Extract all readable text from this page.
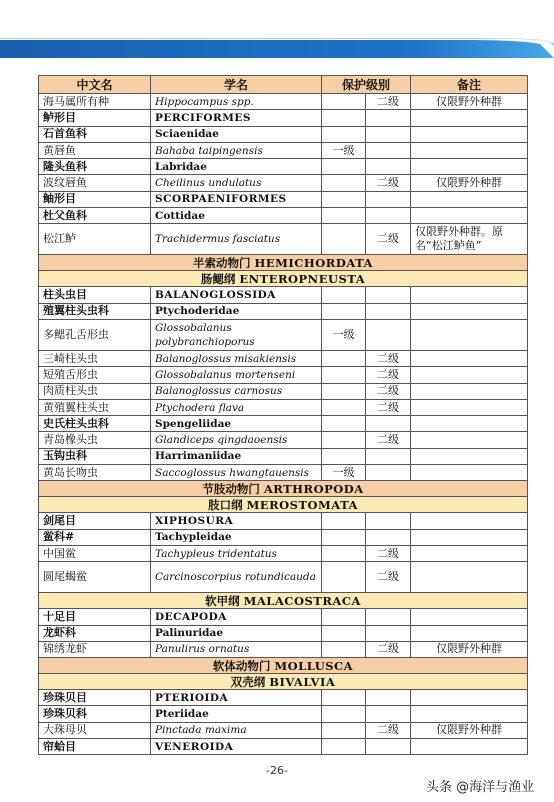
中文名	学名	保护级别		备注
海马属所有种	Hippocampus spp.		二级	仅限野外种群
鲈形目	PERCIFORMES			
石首鱼科	Sciaenidae			
黄唇鱼	Bahaba taipingensis	一级		
隆头鱼科	Labridae			
波纹唇鱼	Cheilinus undulatus		二级	仅限野外种群
鲉形目	SCORPAENIFORMES			
杜父鱼科	Cottidae			
松江鲈	Trachidermus fasciatus		二级	仅限野外种群。原名“松江鲈鱼”
半索动物门 HEMICHORDATA				
肠鳃纲 ENTEROPNEUSTA				
柱头虫目	BALANOGLOSSIDA			
殖翼柱头虫科	Ptychoderidae			
多鳃孔舌形虫	Glossobalanus polybranchioporus	一级		
三崎柱头虫	Balanoglossus misakiensis		二级	
短殖舌形虫	Glossobalanus mortenseni		二级	
肉质柱头虫	Balanoglossus carnosus		二级	
黄殖翼柱头虫	Ptychodera flava		二级	
史氏柱头虫科	Spengeliidae			
青岛橡头虫	Glandiceps qingdaoensis		二级	
玉钩虫科	Harrimaniidae			
黄岛长吻虫	Saccoglossus hwangtauensis	一级		
节肢动物门 ARTHROPODA				
肢口纲 MEROSTOMATA				
剑尾目	XIPHOSURA			
鲎科#	Tachypleidae			
中国鲎	Tachypleus tridentatus		二级	
圆尾蝎鲎	Carcinoscorpius rotundicauda		二级	
软甲纲 MALACOSTRACA				
十足目	DECAPODA			
龙虾科	Palinuridae			
锦绣龙虾	Panulirus ornatus		二级	仅限野外种群
软体动物门 MOLLUSCA				
双壳纲 BIVALVIA				
珍珠贝目	PTERIOIDA			
珍珠贝科	Pteriidae			
大珠母贝	Pinctada maxima		二级	仅限野外种群
帘蛤目	VENEROIDA			
-26-
头条 @海洋与渔业
